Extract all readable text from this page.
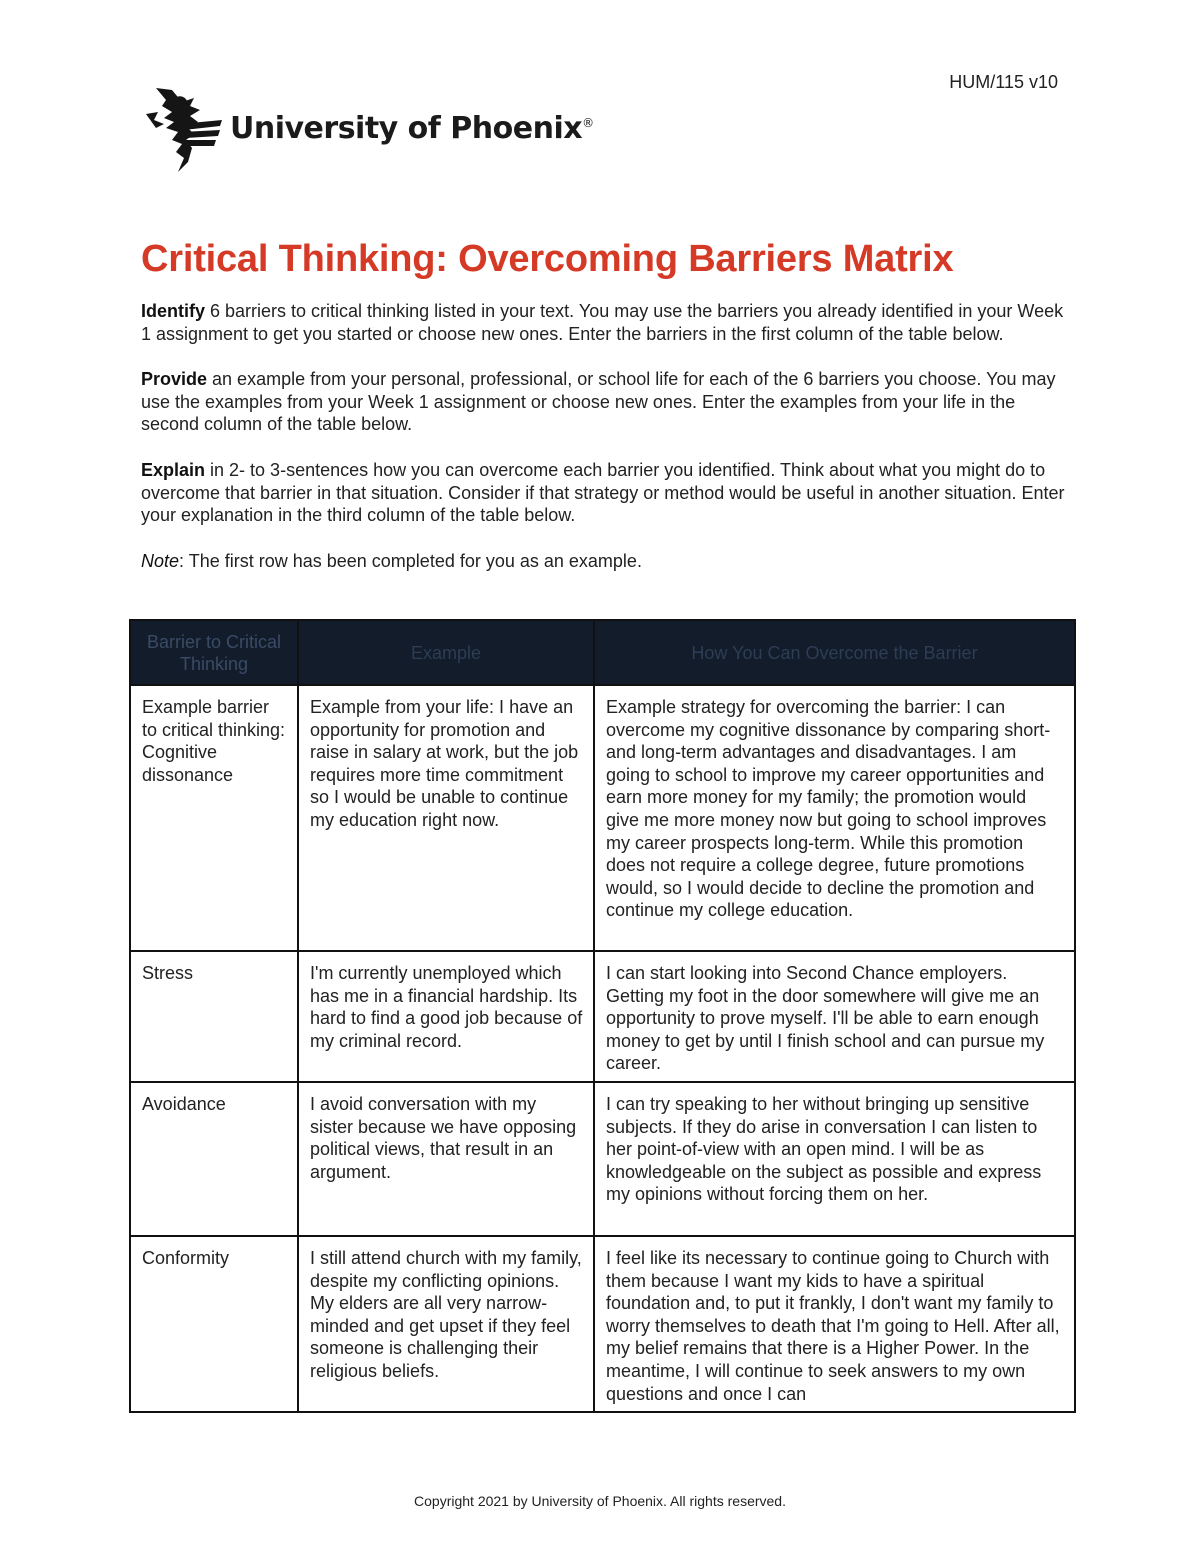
HUM/115 v10
University of Phoenix®
Critical Thinking: Overcoming Barriers Matrix

Identify 6 barriers to critical thinking listed in your text. You may use the barriers you already identified in your Week 1 assignment to get you started or choose new ones. Enter the barriers in the first column of the table below.

Provide an example from your personal, professional, or school life for each of the 6 barriers you choose. You may use the examples from your Week 1 assignment or choose new ones. Enter the examples from your life in the second column of the table below.

Explain in 2- to 3-sentences how you can overcome each barrier you identified. Think about what you might do to overcome that barrier in that situation. Consider if that strategy or method would be useful in another situation. Enter your explanation in the third column of the table below.

Note: The first row has been completed for you as an example.

Barrier to Critical Thinking	Example	How You Can Overcome the Barrier
Example barrier to critical thinking: Cognitive dissonance	Example from your life: I have an opportunity for promotion and raise in salary at work, but the job requires more time commitment so I would be unable to continue my education right now.	Example strategy for overcoming the barrier: I can overcome my cognitive dissonance by comparing short- and long-term advantages and disadvantages. I am going to school to improve my career opportunities and earn more money for my family; the promotion would give me more money now but going to school improves my career prospects long-term. While this promotion does not require a college degree, future promotions would, so I would decide to decline the promotion and continue my college education.
Stress	I'm currently unemployed which has me in a financial hardship. Its hard to find a good job because of my criminal record.	I can start looking into Second Chance employers. Getting my foot in the door somewhere will give me an opportunity to prove myself. I'll be able to earn enough money to get by until I finish school and can pursue my career.
Avoidance	I avoid conversation with my sister because we have opposing political views, that result in an argument.	I can try speaking to her without bringing up sensitive subjects. If they do arise in conversation I can listen to her point-of-view with an open mind. I will be as knowledgeable on the subject as possible and express my opinions without forcing them on her.
Conformity	I still attend church with my family, despite my conflicting opinions. My elders are all very narrow-minded and get upset if they feel someone is challenging their religious beliefs.	I feel like its necessary to continue going to Church with them because I want my kids to have a spiritual foundation and, to put it frankly, I don't want my family to worry themselves to death that I'm going to Hell. After all, my belief remains that there is a Higher Power. In the meantime, I will continue to seek answers to my own questions and once I can
Copyright 2021 by University of Phoenix. All rights reserved.
